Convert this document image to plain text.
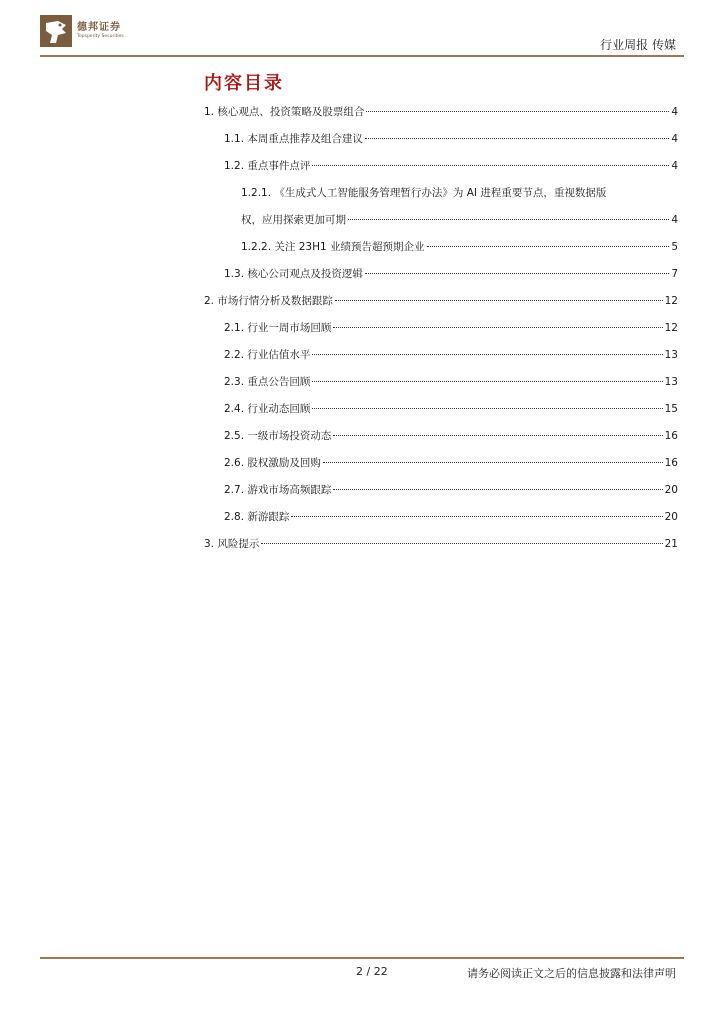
德邦证券
Topsperity Securities
行业周报 传媒
内容目录
1. 核心观点、投资策略及股票组合	4
1.1. 本周重点推荐及组合建议	4
1.2. 重点事件点评	4
1.2.1. 《生成式人工智能服务管理暂行办法》为 AI 进程重要节点，重视数据版
权，应用探索更加可期	4
1.2.2. 关注 23H1 业绩预告超预期企业	5
1.3. 核心公司观点及投资逻辑	7
2. 市场行情分析及数据跟踪	12
2.1. 行业一周市场回顾	12
2.2. 行业估值水平	13
2.3. 重点公告回顾	13
2.4. 行业动态回顾	15
2.5. 一级市场投资动态	16
2.6. 股权激励及回购	16
2.7. 游戏市场高频跟踪	20
2.8. 新游跟踪	20
3. 风险提示	21
2 / 22	请务必阅读正文之后的信息披露和法律声明
